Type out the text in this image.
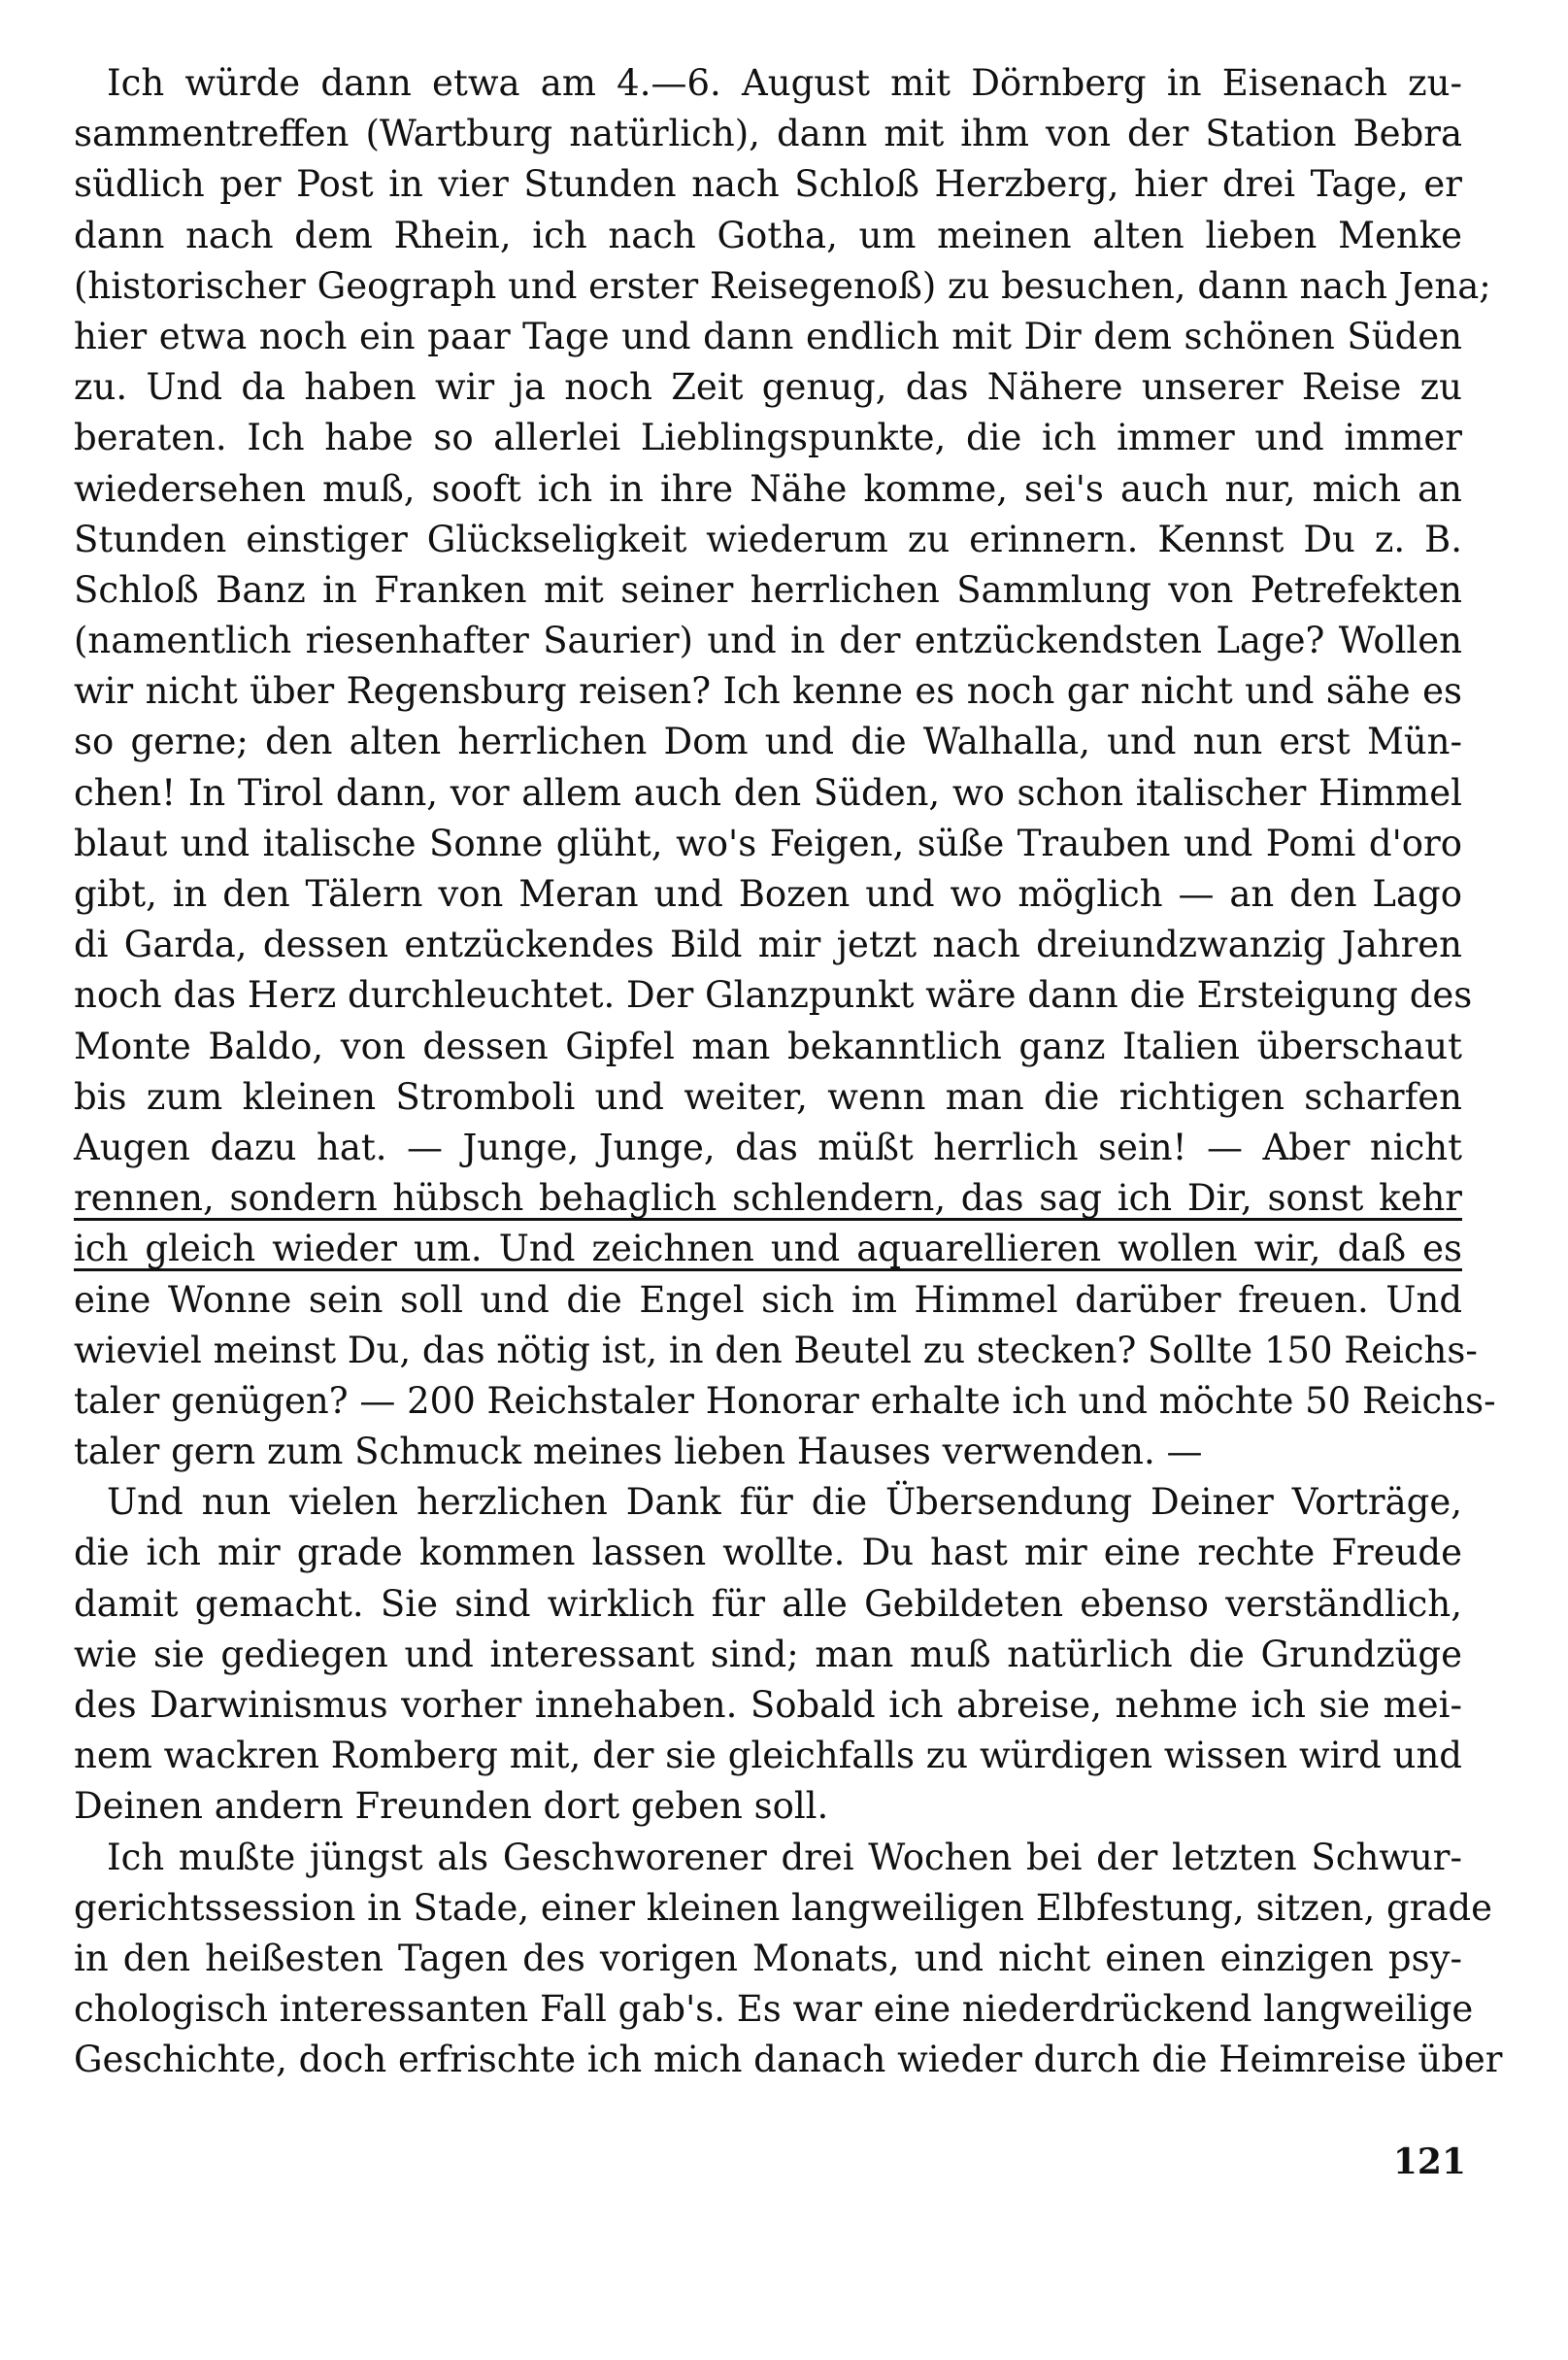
Ich würde dann etwa am 4.—6. August mit Dörnberg in Eisenach zu-
sammentreffen (Wartburg natürlich), dann mit ihm von der Station Bebra
südlich per Post in vier Stunden nach Schloß Herzberg, hier drei Tage, er
dann nach dem Rhein, ich nach Gotha, um meinen alten lieben Menke
(historischer Geograph und erster Reisegenoß) zu besuchen, dann nach Jena;
hier etwa noch ein paar Tage und dann endlich mit Dir dem schönen Süden
zu. Und da haben wir ja noch Zeit genug, das Nähere unserer Reise zu
beraten. Ich habe so allerlei Lieblingspunkte, die ich immer und immer
wiedersehen muß, sooft ich in ihre Nähe komme, sei's auch nur, mich an
Stunden einstiger Glückseligkeit wiederum zu erinnern. Kennst Du z. B.
Schloß Banz in Franken mit seiner herrlichen Sammlung von Petrefekten
(namentlich riesenhafter Saurier) und in der entzückendsten Lage? Wollen
wir nicht über Regensburg reisen? Ich kenne es noch gar nicht und sähe es
so gerne; den alten herrlichen Dom und die Walhalla, und nun erst Mün-
chen! In Tirol dann, vor allem auch den Süden, wo schon italischer Himmel
blaut und italische Sonne glüht, wo's Feigen, süße Trauben und Pomi d'oro
gibt, in den Tälern von Meran und Bozen und wo möglich — an den Lago
di Garda, dessen entzückendes Bild mir jetzt nach dreiundzwanzig Jahren
noch das Herz durchleuchtet. Der Glanzpunkt wäre dann die Ersteigung des
Monte Baldo, von dessen Gipfel man bekanntlich ganz Italien überschaut
bis zum kleinen Stromboli und weiter, wenn man die richtigen scharfen
Augen dazu hat. — Junge, Junge, das müßt herrlich sein! — Aber nicht
rennen, sondern hübsch behaglich schlendern, das sag ich Dir, sonst kehr
ich gleich wieder um. Und zeichnen und aquarellieren wollen wir, daß es
eine Wonne sein soll und die Engel sich im Himmel darüber freuen. Und
wieviel meinst Du, das nötig ist, in den Beutel zu stecken? Sollte 150 Reichs-
taler genügen? — 200 Reichstaler Honorar erhalte ich und möchte 50 Reichs-
taler gern zum Schmuck meines lieben Hauses verwenden. —
Und nun vielen herzlichen Dank für die Übersendung Deiner Vorträge,
die ich mir grade kommen lassen wollte. Du hast mir eine rechte Freude
damit gemacht. Sie sind wirklich für alle Gebildeten ebenso verständlich,
wie sie gediegen und interessant sind; man muß natürlich die Grundzüge
des Darwinismus vorher innehaben. Sobald ich abreise, nehme ich sie mei-
nem wackren Romberg mit, der sie gleichfalls zu würdigen wissen wird und
Deinen andern Freunden dort geben soll.
Ich mußte jüngst als Geschworener drei Wochen bei der letzten Schwur-
gerichtssession in Stade, einer kleinen langweiligen Elbfestung, sitzen, grade
in den heißesten Tagen des vorigen Monats, und nicht einen einzigen psy-
chologisch interessanten Fall gab's. Es war eine niederdrückend langweilige
Geschichte, doch erfrischte ich mich danach wieder durch die Heimreise über
121
